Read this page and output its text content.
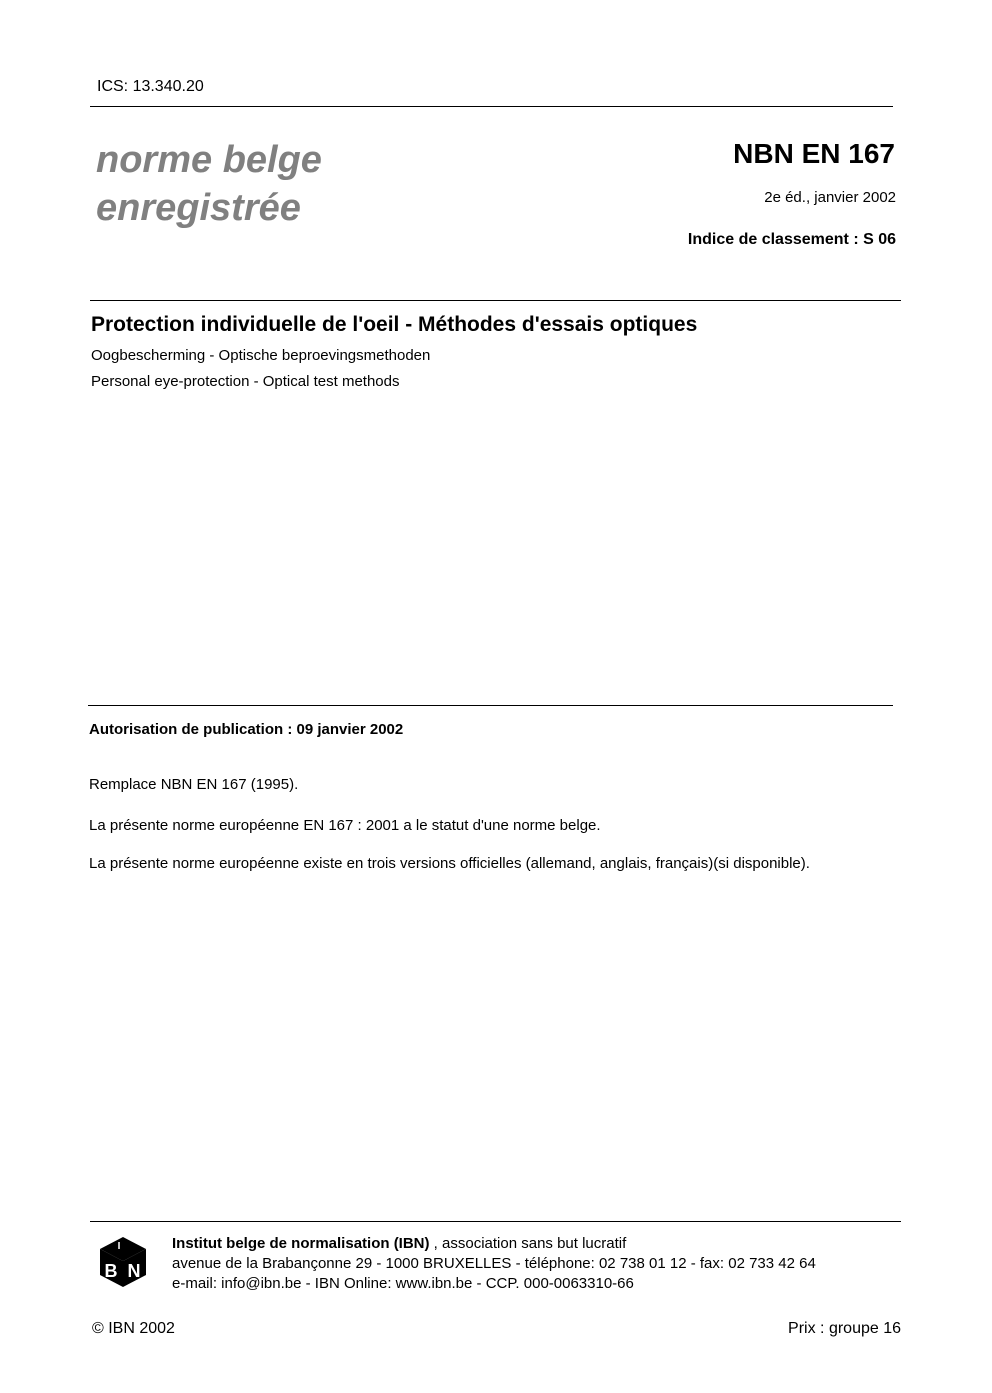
ICS: 13.340.20
norme belge
enregistrée
NBN EN 167
2e éd., janvier 2002
Indice de classement : S 06
Protection individuelle de l'oeil - Méthodes d'essais optiques
Oogbescherming - Optische beproevingsmethoden
Personal eye-protection - Optical test methods
Autorisation de publication : 09 janvier 2002
Remplace NBN EN 167 (1995).
La présente norme européenne EN 167 : 2001 a le statut d'une norme belge.
La présente norme européenne existe en trois versions officielles (allemand, anglais, français)(si disponible).
I
B N
Institut belge de normalisation (IBN) , association sans but lucratif
avenue de la Brabançonne 29 - 1000 BRUXELLES - téléphone: 02 738 01 12 - fax: 02 733 42 64
e-mail: info@ibn.be - IBN Online: www.ibn.be - CCP. 000-0063310-66
© IBN 2002	Prix : groupe 16
